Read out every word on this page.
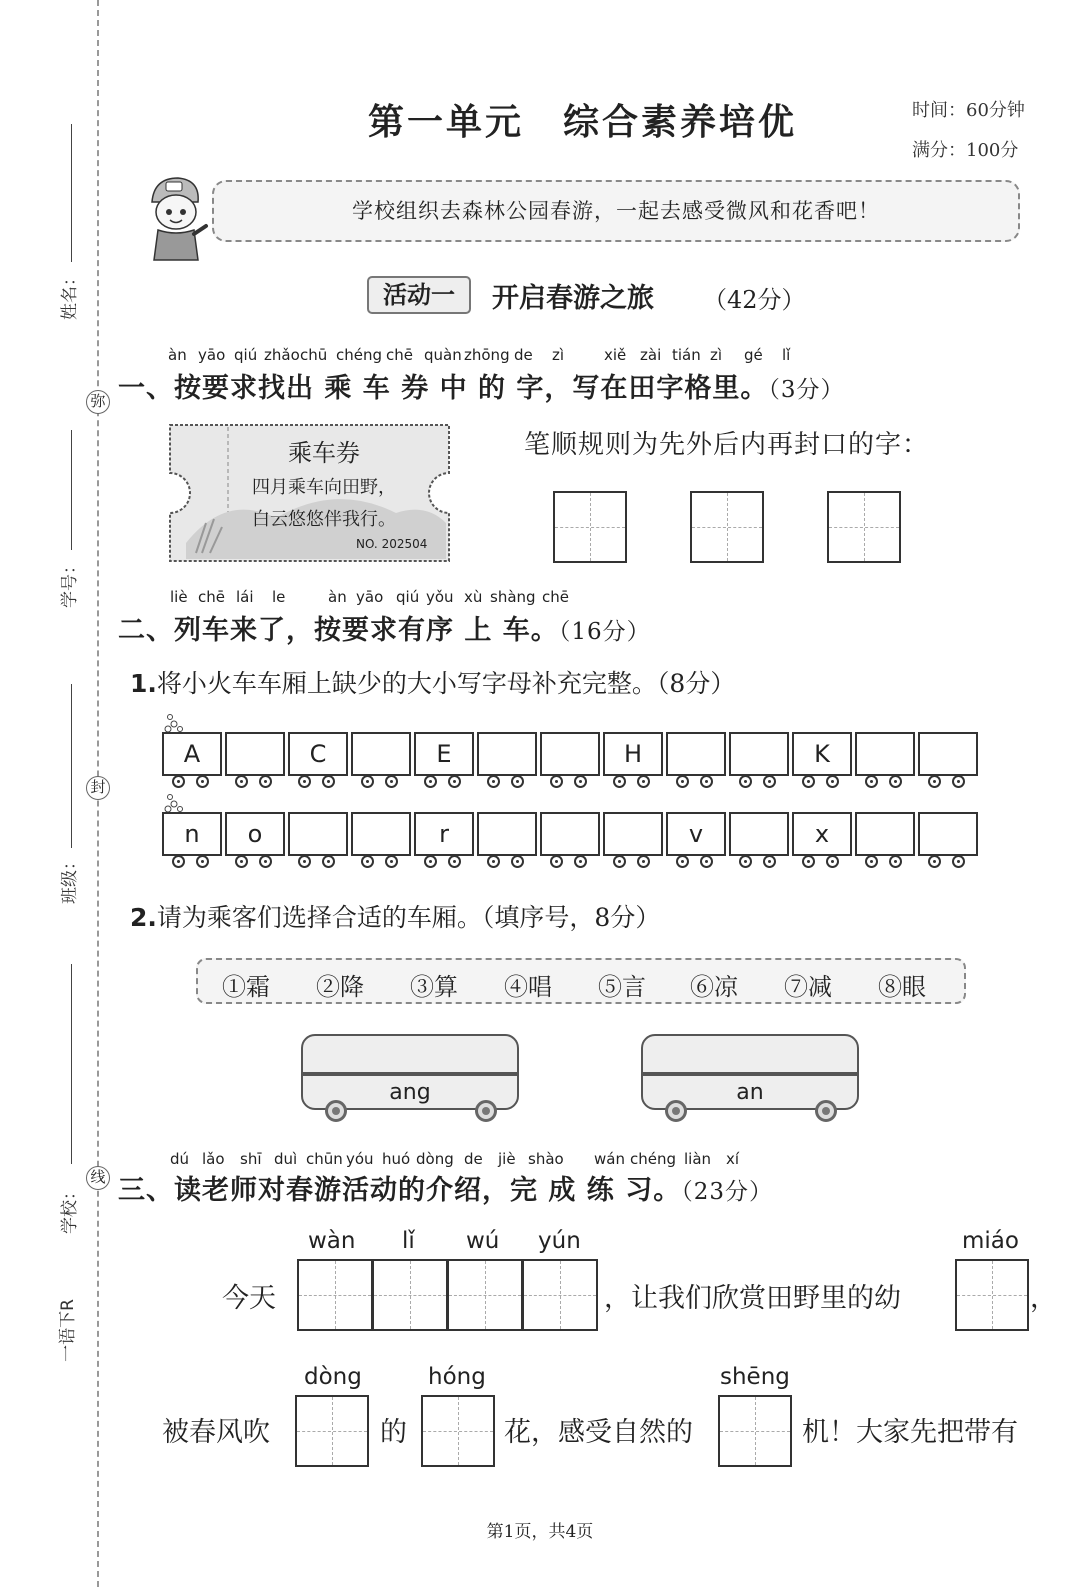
弥
封
线
姓名：
学号：
班级：
学校：
一语下R
第一单元　综合素养培优	时间：60分钟
满分：100分
学校组织去森林公园春游，一起去感受微风和花香吧！
活动一	开启春游之旅 （42分）
àn yāo qiú zhǎo chū chéng chē quàn zhōng de zì	xiě zài tián zì gé lǐ
一、按要求找出 乘 车 券 中 的 字，写在田字格里。（3分）
乘车券
四月乘车向田野，
白云悠悠伴我行。
NO. 202504
笔顺规则为先外后内再封口的字：
liè chē lái le	àn yāo qiú yǒu xù shàng chē
二、列车来了，按要求有序 上 车。（16分）
1.将小火车车厢上缺少的大小写字母补充完整。（8分）
A	C	E	H	K
n	o	r	v	x
2.请为乘客们选择合适的车厢。（填序号，8分）
①霜 ②降 ③算 ④唱 ⑤言 ⑥凉 ⑦减 ⑧眼
ang	an
dú lǎo shī duì chūn yóu huó dòng de jiè shào wán chéng liàn xí
三、读老师对春游活动的介绍，完 成 练 习。（23分）
wàn lǐ wú yún	miáo
今天	，让我们欣赏田野里的幼	，
dòng	hóng	shēng
被春风吹	的	花，感受自然的	机！大家先把带有
第1页，共4页
